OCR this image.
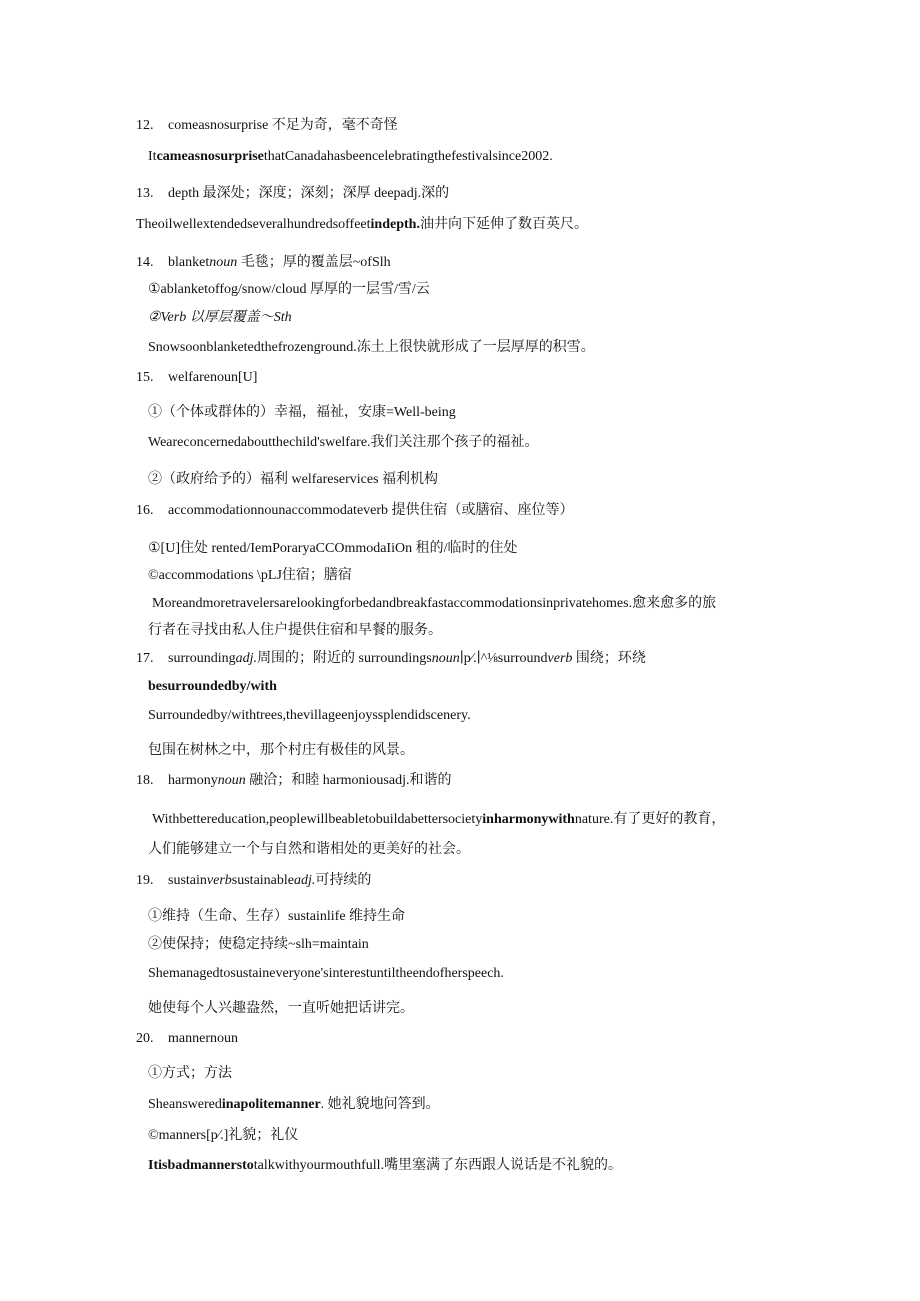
12. comeasnosurprise 不足为奇，毫不奇怪
ItcameasnosurprisethatCanadahasbeencelebratingthefestivalsince2002.
13. depth 最深处；深度；深刻；深厚 deepadj.深的
Theoilwellextendedseveralhundredsoffeetindepth.油井向下延伸了数百英尺。
14. blanketnoun 毛毯；厚的覆盖层~ofSlh
①ablanketoffog/snow/cloud 厚厚的一层雪/雪/云
②Verb 以厚层覆盖～Sth
Snowsoonblanketedthefrozenground.冻土上很快就形成了一层厚厚的积雪。
15. welfarenoun[U]
①（个体或群体的）幸福，福祉，安康=Well-being
Weareconcernedaboutthechild'swelfare.我们关注那个孩子的福祉。
②（政府给予的）福利 welfareservices 福利机构
16. accommodationnounaccommodateverb 提供住宿（或膳宿、座位等）
①[U]住处 rented/IemPoraryaCCOmmodaIiOn 租的/临时的住处
©accommodations \pLJ住宿；膳宿
Moreandmoretravelersarelookingforbedandbreakfastaccommodationsinprivatehomes.愈来愈多的旅
行者在寻找由私人住户提供住宿和早餐的服务。
17. surroundingadj.周围的；附近的 surroundingsnoun∣p∕.∣^⅛surroundverb 围绕；环绕
besurroundedby/with
Surroundedby/withtrees,thevillageenjoyssplendidscenery.
包围在树林之中，那个村庄有极佳的风景。
18. harmonynoun 融洽；和睦 harmoniousadj.和谐的
Withbettereducation,peoplewillbeabletobuildabettersocietyinharmonywithnature.有了更好的教育，
人们能够建立一个与自然和谐相处的更美好的社会。
19. sustainverbsustainableadj.可持续的
①维持（生命、生存）sustainlife 维持生命
②使保持；使稳定持续~slh=maintain
Shemanagedtosustaineveryone'sinterestuntiltheendofherspeech.
她使每个人兴趣盎然，一直听她把话讲完。
20. mannernoun
①方式；方法
Sheansweredinapolitemanner. 她礼貌地问答到。
©manners[p∕.]礼貌；礼仪
Itisbadmannerstotalkwithyourmouthfull.嘴里塞满了东西跟人说话是不礼貌的。
